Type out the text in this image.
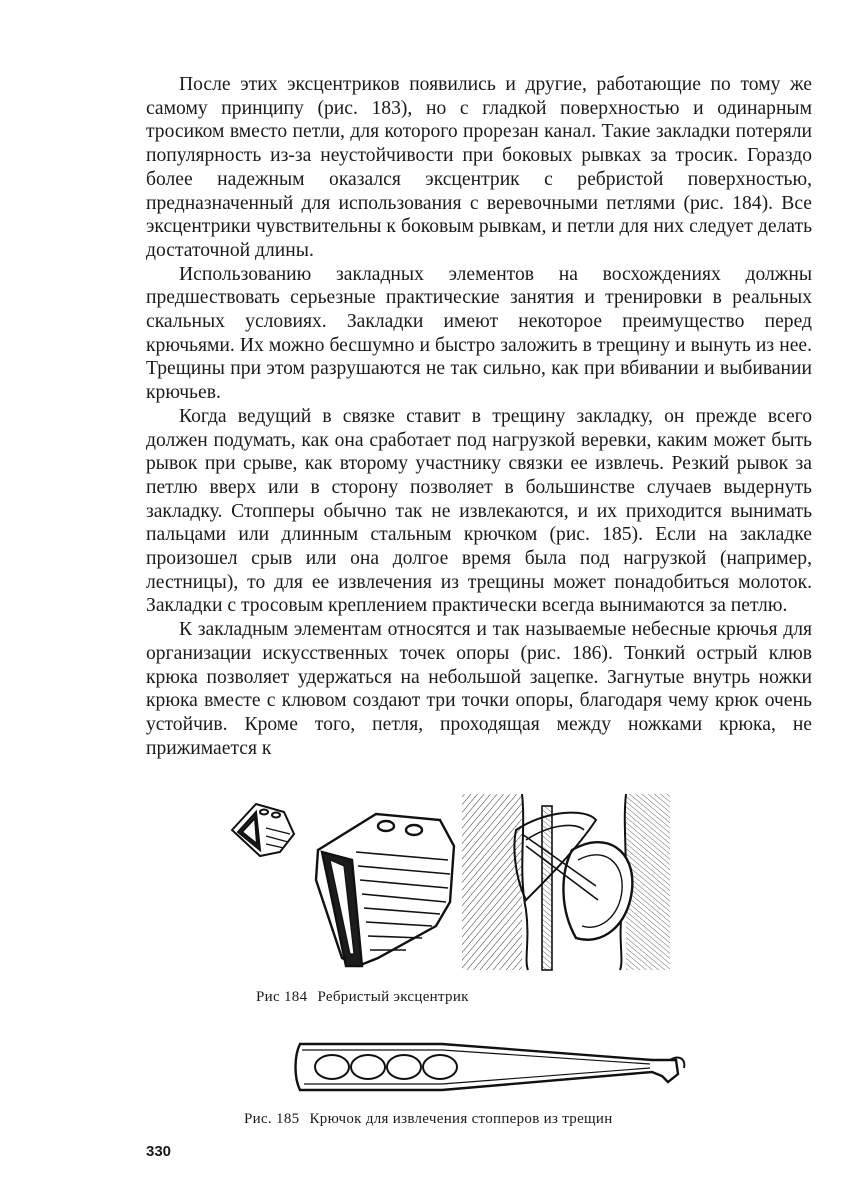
После этих эксцентриков появились и другие, работающие по тому же самому принципу (рис. 183), но с гладкой поверхностью и одинарным тросиком вместо петли, для которого прорезан канал. Такие закладки потеряли популярность из-за неустойчивости при боковых рывках за тросик. Гораздо более надежным оказался эксцентрик с ребристой поверхностью, предназначенный для использования с веревочными петлями (рис. 184). Все эксцентрики чувствительны к боковым рывкам, и петли для них следует делать достаточной длины.

Использованию закладных элементов на восхождениях должны предшествовать серьезные практические занятия и тренировки в реальных скальных условиях. Закладки имеют некоторое преимущество перед крючьями. Их можно бесшумно и быстро заложить в трещину и вынуть из нее. Трещины при этом разрушаются не так сильно, как при вбивании и выбивании крючьев.

Когда ведущий в связке ставит в трещину закладку, он прежде всего должен подумать, как она сработает под нагрузкой веревки, каким может быть рывок при срыве, как второму участнику связки ее извлечь. Резкий рывок за петлю вверх или в сторону позволяет в большинстве случаев выдернуть закладку. Стопперы обычно так не извлекаются, и их приходится вынимать пальцами или длинным стальным крючком (рис. 185). Если на закладке произошел срыв или она долгое время была под нагрузкой (например, лестницы), то для ее извлечения из трещины может понадобиться молоток. Закладки с тросовым креплением практически всегда вынимаются за петлю.

К закладным элементам относятся и так называемые небесные крючья для организации искусственных точек опоры (рис. 186). Тонкий острый клюв крюка позволяет удержаться на небольшой зацепке. Загнутые внутрь ножки крюка вместе с клювом создают три точки опоры, благодаря чему крюк очень устойчив. Кроме того, петля, проходящая между ножками крюка, не прижимается к

Рис 184 Ребристый эксцентрик
Рис. 185 Крючок для извлечения стопперов из трещин
330
